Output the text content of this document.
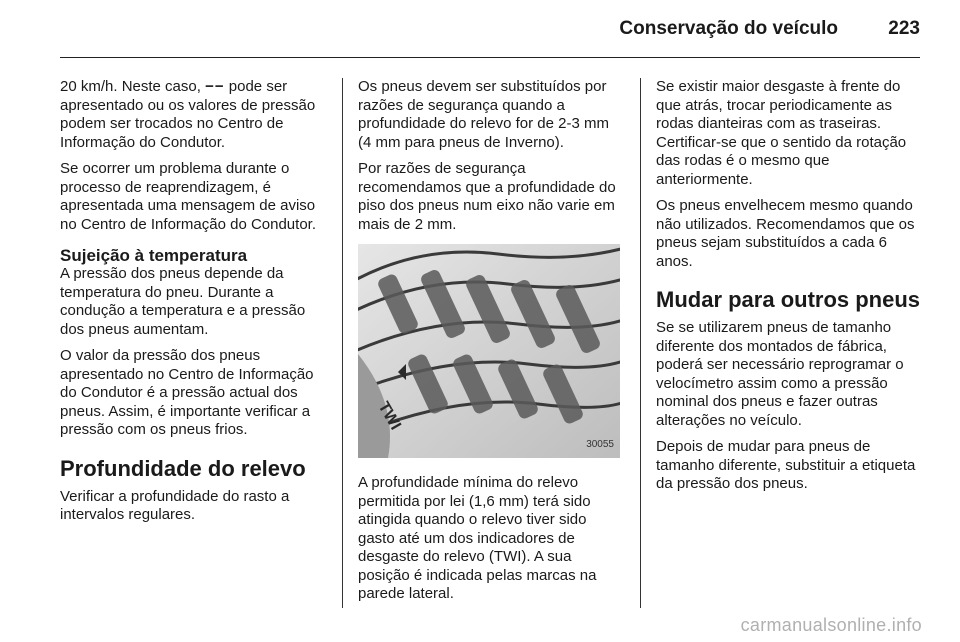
Conservação do veículo	223

20 km/h. Neste caso, −− pode ser apresentado ou os valores de pressão podem ser trocados no Centro de Informação do Condutor.

Se ocorrer um problema durante o processo de reaprendizagem, é apresentada uma mensagem de aviso no Centro de Informação do Condutor.

Sujeição à temperatura

A pressão dos pneus depende da temperatura do pneu. Durante a condução a temperatura e a pressão dos pneus aumentam.

O valor da pressão dos pneus apresentado no Centro de Informação do Condutor é a pressão actual dos pneus. Assim, é importante verificar a pressão com os pneus frios.

Profundidade do relevo

Verificar a profundidade do rasto a intervalos regulares.

Os pneus devem ser substituídos por razões de segurança quando a profundidade do relevo for de 2-3 mm (4 mm para pneus de Inverno).

Por razões de segurança recomendamos que a profundidade do piso dos pneus num eixo não varie em mais de 2 mm.

TWI
30055

A profundidade mínima do relevo permitida por lei (1,6 mm) terá sido atingida quando o relevo tiver sido gasto até um dos indicadores de desgaste do relevo (TWI). A sua posição é indicada pelas marcas na parede lateral.

Se existir maior desgaste à frente do que atrás, trocar periodicamente as rodas dianteiras com as traseiras. Certificar-se que o sentido da rotação das rodas é o mesmo que anteriormente.

Os pneus envelhecem mesmo quando não utilizados. Recomendamos que os pneus sejam substituídos a cada 6 anos.

Mudar para outros pneus

Se se utilizarem pneus de tamanho diferente dos montados de fábrica, poderá ser necessário reprogramar o velocímetro assim como a pressão nominal dos pneus e fazer outras alterações no veículo.

Depois de mudar para pneus de tamanho diferente, substituir a etiqueta da pressão dos pneus.

carmanualsonline.info
